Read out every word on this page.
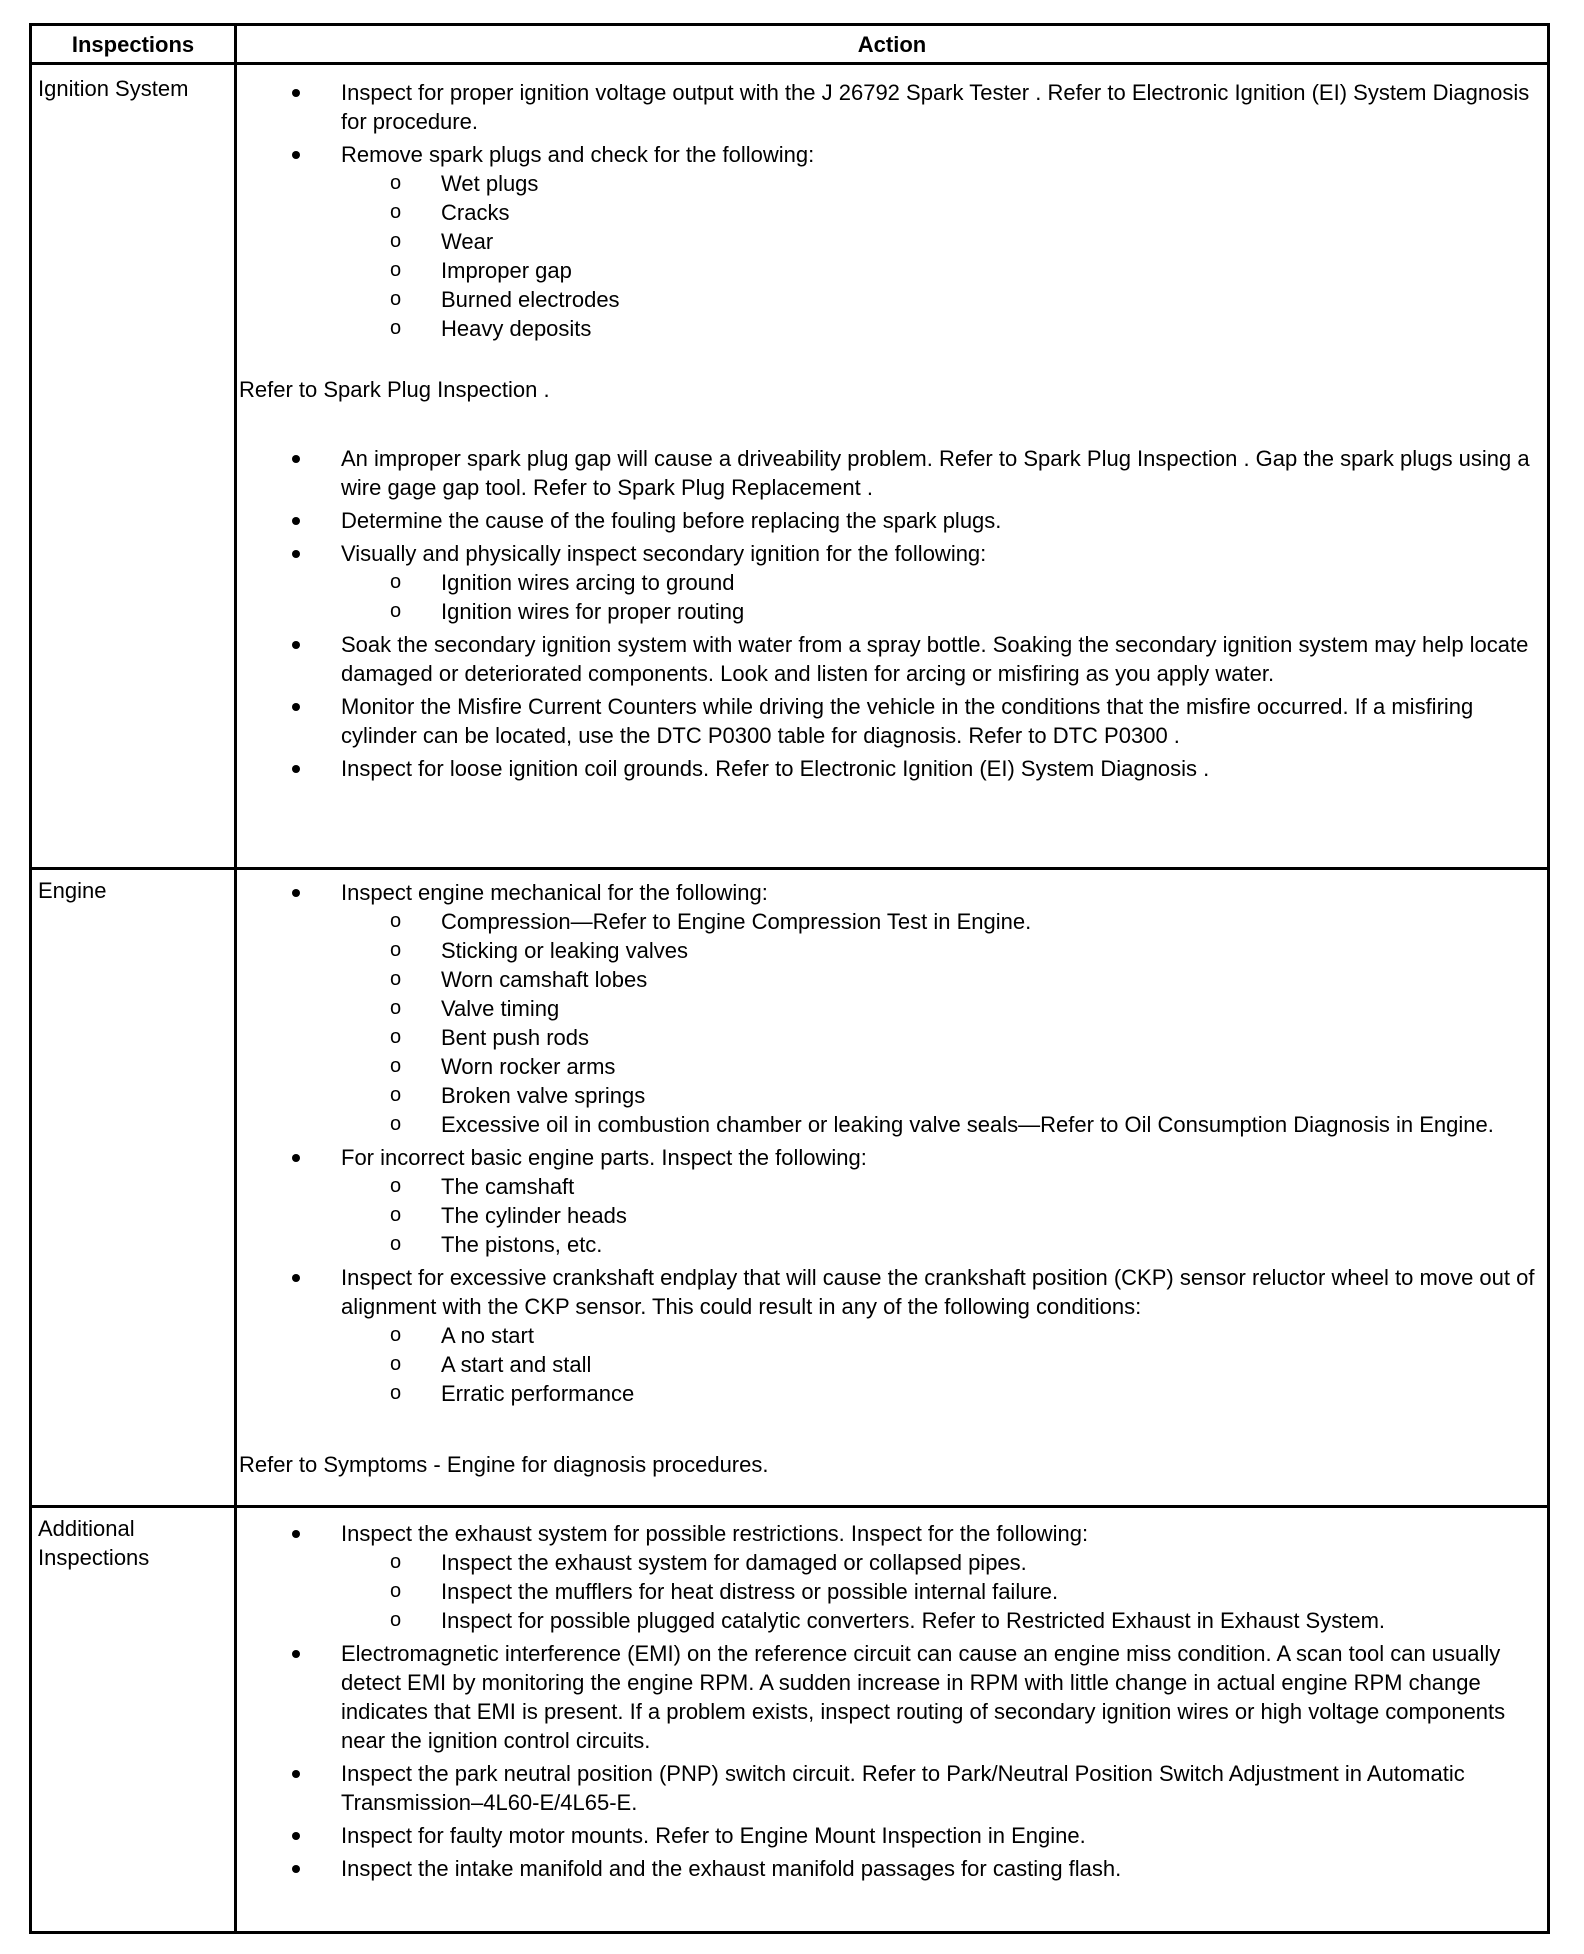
Inspections	Action
Ignition System
Engine
Additional Inspections
Inspect for proper ignition voltage output with the J 26792 Spark Tester . Refer to Electronic Ignition (EI) System Diagnosis for procedure.
Remove spark plugs and check for the following:
o Wet plugs
o Cracks
o Wear
o Improper gap
o Burned electrodes
o Heavy deposits

Refer to Spark Plug Inspection .

An improper spark plug gap will cause a driveability problem. Refer to Spark Plug Inspection . Gap the spark plugs using a wire gage gap tool. Refer to Spark Plug Replacement .
Determine the cause of the fouling before replacing the spark plugs.
Visually and physically inspect secondary ignition for the following:
o Ignition wires arcing to ground
o Ignition wires for proper routing
Soak the secondary ignition system with water from a spray bottle. Soaking the secondary ignition system may help locate damaged or deteriorated components. Look and listen for arcing or misfiring as you apply water.
Monitor the Misfire Current Counters while driving the vehicle in the conditions that the misfire occurred. If a misfiring cylinder can be located, use the DTC P0300 table for diagnosis. Refer to DTC P0300 .
Inspect for loose ignition coil grounds. Refer to Electronic Ignition (EI) System Diagnosis .
Inspect engine mechanical for the following:
o Compression—Refer to Engine Compression Test in Engine.
o Sticking or leaking valves
o Worn camshaft lobes
o Valve timing
o Bent push rods
o Worn rocker arms
o Broken valve springs
o Excessive oil in combustion chamber or leaking valve seals—Refer to Oil Consumption Diagnosis in Engine.
For incorrect basic engine parts. Inspect the following:
o The camshaft
o The cylinder heads
o The pistons, etc.
Inspect for excessive crankshaft endplay that will cause the crankshaft position (CKP) sensor reluctor wheel to move out of alignment with the CKP sensor. This could result in any of the following conditions:
o A no start
o A start and stall
o Erratic performance

Refer to Symptoms - Engine for diagnosis procedures.

Inspect the exhaust system for possible restrictions. Inspect for the following:
o Inspect the exhaust system for damaged or collapsed pipes.
o Inspect the mufflers for heat distress or possible internal failure.
o Inspect for possible plugged catalytic converters. Refer to Restricted Exhaust in Exhaust System.
Electromagnetic interference (EMI) on the reference circuit can cause an engine miss condition. A scan tool can usually detect EMI by monitoring the engine RPM. A sudden increase in RPM with little change in actual engine RPM change indicates that EMI is present. If a problem exists, inspect routing of secondary ignition wires or high voltage components near the ignition control circuits.
Inspect the park neutral position (PNP) switch circuit. Refer to Park/Neutral Position Switch Adjustment in Automatic Transmission–4L60-E/4L65-E.
Inspect for faulty motor mounts. Refer to Engine Mount Inspection in Engine.
Inspect the intake manifold and the exhaust manifold passages for casting flash.
